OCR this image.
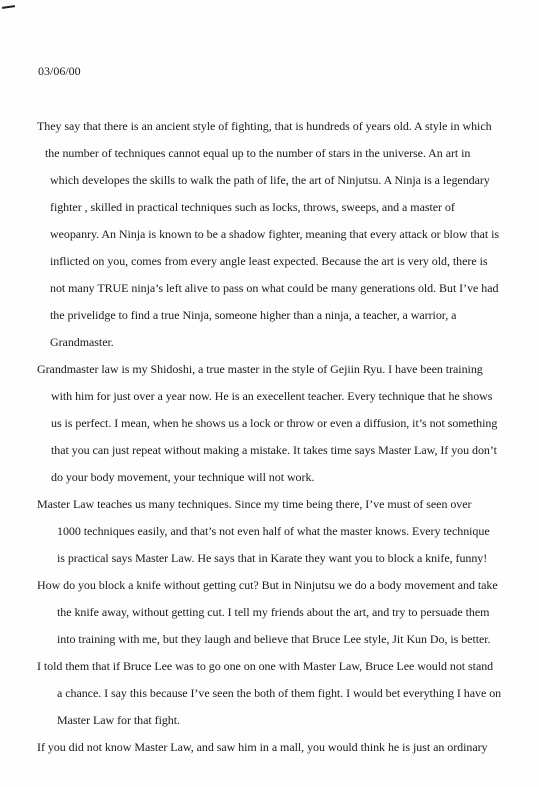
03/06/00
They say that there is an ancient style of fighting, that is hundreds of years old. A style in which
the number of techniques cannot equal up to the number of stars in the universe. An art in
which developes the skills to walk the path of life, the art of Ninjutsu. A Ninja is a legendary
fighter , skilled in practical techniques such as locks, throws, sweeps, and a master of
weopanry. An Ninja is known to be a shadow fighter, meaning that every attack or blow that is
inflicted on you, comes from every angle least expected. Because the art is very old, there is
not many TRUE ninja’s left alive to pass on what could be many generations old. But I’ve had
the privelidge to find a true Ninja, someone higher than a ninja, a teacher, a warrior, a
Grandmaster.
Grandmaster law is my Shidoshi, a true master in the style of Gejiin Ryu. I have been training
with him for just over a year now. He is an execellent teacher. Every technique that he shows
us is perfect. I mean, when he shows us a lock or throw or even a diffusion, it’s not something
that you can just repeat without making a mistake. It takes time says Master Law, If you don’t
do your body movement, your technique will not work.
Master Law teaches us many techniques. Since my time being there, I’ve must of seen over
1000 techniques easily, and that’s not even half of what the master knows. Every technique
is practical says Master Law. He says that in Karate they want you to block a knife, funny!
How do you block a knife without getting cut? But in Ninjutsu we do a body movement and take
the knife away, without getting cut. I tell my friends about the art, and try to persuade them
into training with me, but they laugh and believe that Bruce Lee style, Jit Kun Do, is better.
I told them that if Bruce Lee was to go one on one with Master Law, Bruce Lee would not stand
a chance. I say this because I’ve seen the both of them fight. I would bet everything I have on
Master Law for that fight.
If you did not know Master Law, and saw him in a mall, you would think he is just an ordinary
